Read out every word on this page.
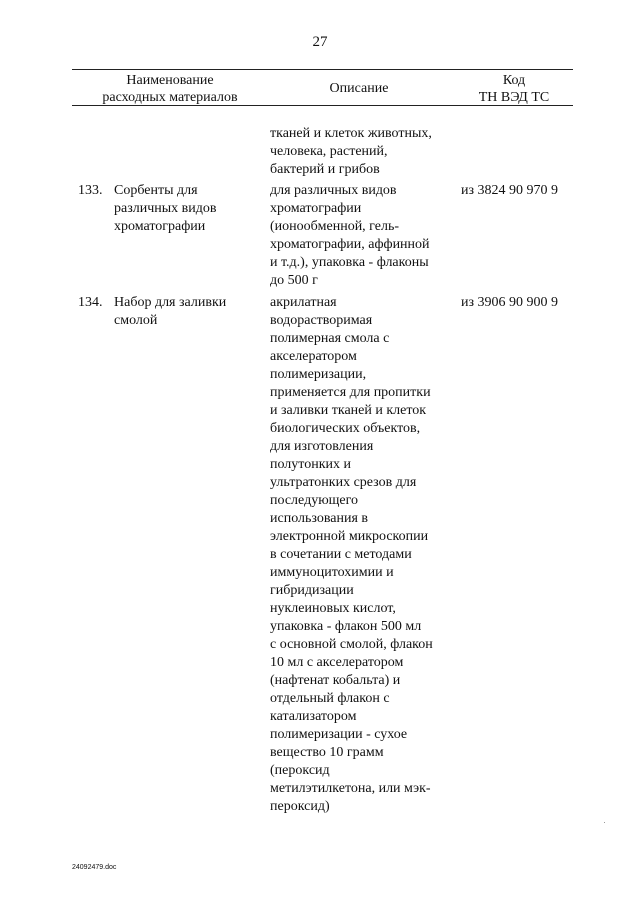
27
Наименование
расходных материалов
Описание
Код
ТН ВЭД ТС
тканей и клеток животных,
человека, растений,
бактерий и грибов
133. Сорбенты для
различных видов
хроматографии
для различных видов
хроматографии
(ионообменной, гель-
хроматографии, аффинной
и т.д.), упаковка - флаконы
до 500 г
из 3824 90 970 9
134. Набор для заливки
смолой
акрилатная
водорастворимая
полимерная смола с
акселератором
полимеризации,
применяется для пропитки
и заливки тканей и клеток
биологических объектов,
для изготовления
полутонких и
ультратонких срезов для
последующего
использования в
электронной микроскопии
в сочетании с методами
иммуноцитохимии и
гибридизации
нуклеиновых кислот,
упаковка - флакон 500 мл
с основной смолой, флакон
10 мл с акселератором
(нафтенат кобальта) и
отдельный флакон с
катализатором
полимеризации - сухое
вещество 10 грамм
(пероксид
метилэтилкетона, или мэк-
пероксид)
из 3906 90 900 9
24092479.doc
